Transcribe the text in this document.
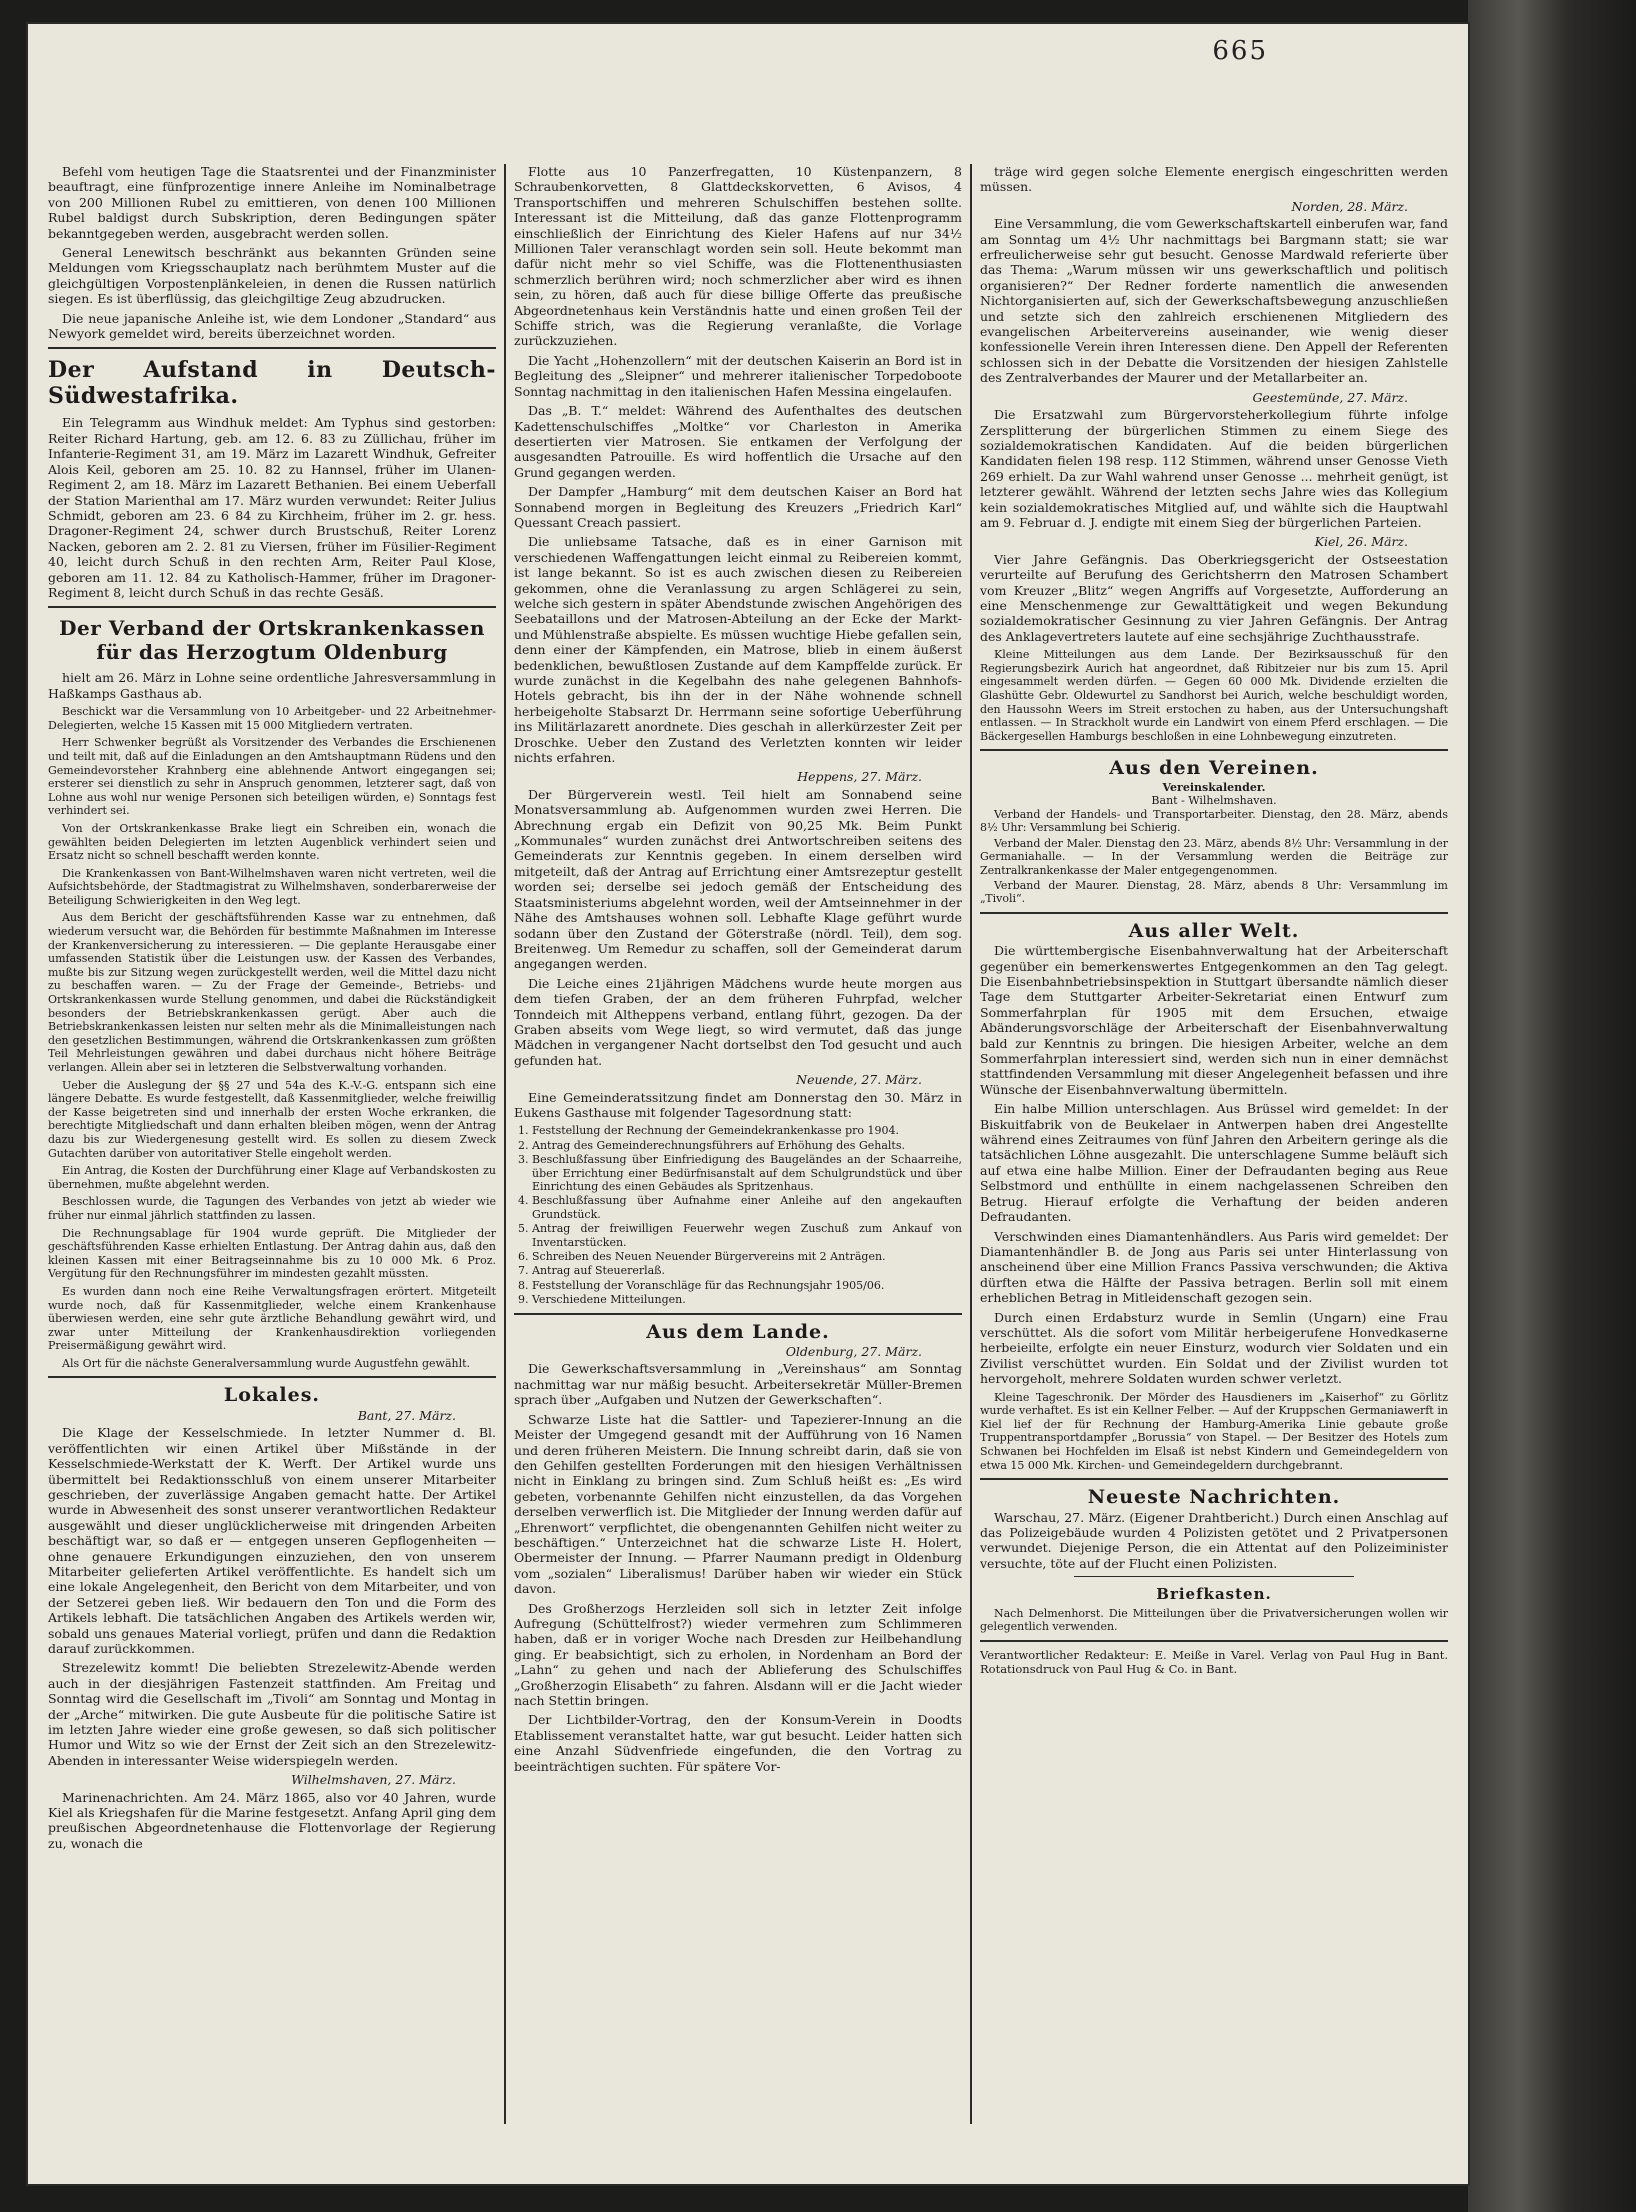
665

Befehl vom heutigen Tage die Staatsrentei und der Finanzminister beauftragt, eine fünfprozentige innere Anleihe im Nominalbetrage von 200 Millionen Rubel zu emittieren, von denen 100 Millionen Rubel baldigst durch Subskription, deren Bedingungen später bekanntgegeben werden, ausgebracht werden sollen.

General Lenewitsch beschränkt aus bekannten Gründen seine Meldungen vom Kriegsschauplatz nach berühmtem Muster auf die gleichgültigen Vorpostenplänkeleien, in denen die Russen natürlich siegen. Es ist überflüssig, das gleichgiltige Zeug abzudrucken.

Die neue japanische Anleihe ist, wie dem Londoner „Standard“ aus Newyork gemeldet wird, bereits überzeichnet worden.

Der Aufstand in Deutsch-Südwestafrika.

Ein Telegramm aus Windhuk meldet: Am Typhus sind gestorben: Reiter Richard Hartung, geb. am 12. 6. 83 zu Züllichau, früher im Infanterie-Regiment 31, am 19. März im Lazarett Windhuk, Gefreiter Alois Keil, geboren am 25. 10. 82 zu Hannsel, früher im Ulanen-Regiment 2, am 18. März im Lazarett Bethanien. Bei einem Ueberfall der Station Marienthal am 17. März wurden verwundet: Reiter Julius Schmidt, geboren am 23. 6 84 zu Kirchheim, früher im 2. gr. hess. Dragoner-Regiment 24, schwer durch Brustschuß, Reiter Lorenz Nacken, geboren am 2. 2. 81 zu Viersen, früher im Füsilier-Regiment 40, leicht durch Schuß in den rechten Arm, Reiter Paul Klose, geboren am 11. 12. 84 zu Katholisch-Hammer, früher im Dragoner-Regiment 8, leicht durch Schuß in das rechte Gesäß.

Der Verband der Ortskrankenkassen für das Herzogtum Oldenburg

hielt am 26. März in Lohne seine ordentliche Jahresversammlung in Haßkamps Gasthaus ab.

Beschickt war die Versammlung von 10 Arbeitgeber- und 22 Arbeitnehmer-Delegierten, welche 15 Kassen mit 15 000 Mitgliedern vertraten.

Herr Schwenker begrüßt als Vorsitzender des Verbandes die Erschienenen und teilt mit, daß auf die Einladungen an den Amtshauptmann Rüdens und den Gemeindevorsteher Krahnberg eine ablehnende Antwort eingegangen sei; ersterer sei dienstlich zu sehr in Anspruch genommen, letzterer sagt, daß von Lohne aus wohl nur wenige Personen sich beteiligen würden, e) Sonntags fest verhindert sei.

Von der Ortskrankenkasse Brake liegt ein Schreiben ein, wonach die gewählten beiden Delegierten im letzten Augenblick verhindert seien und Ersatz nicht so schnell beschafft werden konnte.

Die Krankenkassen von Bant-Wilhelmshaven waren nicht vertreten, weil die Aufsichtsbehörde, der Stadtmagistrat zu Wilhelmshaven, sonderbarerweise der Beteiligung Schwierigkeiten in den Weg legt.

Aus dem Bericht der geschäftsführenden Kasse war zu entnehmen, daß wiederum versucht war, die Behörden für bestimmte Maßnahmen im Interesse der Krankenversicherung zu interessieren. — Die geplante Herausgabe einer umfassenden Statistik über die Leistungen usw. der Kassen des Verbandes, mußte bis zur Sitzung wegen zurückgestellt werden, weil die Mittel dazu nicht zu beschaffen waren. — Zu der Frage der Gemeinde-, Betriebs- und Ortskrankenkassen wurde Stellung genommen, und dabei die Rückständigkeit besonders der Betriebskrankenkassen gerügt. Aber auch die Betriebskrankenkassen leisten nur selten mehr als die Minimalleistungen nach den gesetzlichen Bestimmungen, während die Ortskrankenkassen zum größten Teil Mehrleistungen gewähren und dabei durchaus nicht höhere Beiträge verlangen. Allein aber sei in letzteren die Selbstverwaltung vorhanden.

Ueber die Auslegung der §§ 27 und 54a des K.-V.-G. entspann sich eine längere Debatte. Es wurde festgestellt, daß Kassenmitglieder, welche freiwillig der Kasse beigetreten sind und innerhalb der ersten Woche erkranken, die berechtigte Mitgliedschaft und dann erhalten bleiben mögen, wenn der Antrag dazu bis zur Wiedergenesung gestellt wird. Es sollen zu diesem Zweck Gutachten darüber von autoritativer Stelle eingeholt werden.

Ein Antrag, die Kosten der Durchführung einer Klage auf Verbandskosten zu übernehmen, mußte abgelehnt werden.

Beschlossen wurde, die Tagungen des Verbandes von jetzt ab wieder wie früher nur einmal jährlich stattfinden zu lassen.

Die Rechnungsablage für 1904 wurde geprüft. Die Mitglieder der geschäftsführenden Kasse erhielten Entlastung. Der Antrag dahin aus, daß den kleinen Kassen mit einer Beitragseinnahme bis zu 10 000 Mk. 6 Proz. Vergütung für den Rechnungsführer im mindesten gezahlt müssten.

Es wurden dann noch eine Reihe Verwaltungsfragen erörtert. Mitgeteilt wurde noch, daß für Kassenmitglieder, welche einem Krankenhause überwiesen werden, eine sehr gute ärztliche Behandlung gewährt wird, und zwar unter Mitteilung der Krankenhausdirektion vorliegenden Preisermäßigung gewährt wird.

Als Ort für die nächste Generalversammlung wurde Augustfehn gewählt.

Lokales.
Bant, 27. März.

Die Klage der Kesselschmiede. In letzter Nummer d. Bl. veröffentlichten wir einen Artikel über Mißstände in der Kesselschmiede-Werkstatt der K. Werft. Der Artikel wurde uns übermittelt bei Redaktionsschluß von einem unserer Mitarbeiter geschrieben, der zuverlässige Angaben gemacht hatte. Der Artikel wurde in Abwesenheit des sonst unserer verantwortlichen Redakteur ausgewählt und dieser unglücklicherweise mit dringenden Arbeiten beschäftigt war, so daß er — entgegen unseren Gepflogenheiten — ohne genauere Erkundigungen einzuziehen, den von unserem Mitarbeiter gelieferten Artikel veröffentlichte. Es handelt sich um eine lokale Angelegenheit, den Bericht von dem Mitarbeiter, und von der Setzerei geben ließ. Wir bedauern den Ton und die Form des Artikels lebhaft. Die tatsächlichen Angaben des Artikels werden wir, sobald uns genaues Material vorliegt, prüfen und dann die Redaktion darauf zurückkommen.

Strezelewitz kommt! Die beliebten Strezelewitz-Abende werden auch in der diesjährigen Fastenzeit stattfinden. Am Freitag und Sonntag wird die Gesellschaft im „Tivoli“ am Sonntag und Montag in der „Arche“ mitwirken. Die gute Ausbeute für die politische Satire ist im letzten Jahre wieder eine große gewesen, so daß sich politischer Humor und Witz so wie der Ernst der Zeit sich an den Strezelewitz-Abenden in interessanter Weise widerspiegeln werden.

Wilhelmshaven, 27. März.

Marinenachrichten. Am 24. März 1865, also vor 40 Jahren, wurde Kiel als Kriegshafen für die Marine festgesetzt. Anfang April ging dem preußischen Abgeordnetenhause die Flottenvorlage der Regierung zu, wonach die

Flotte aus 10 Panzerfregatten, 10 Küstenpanzern, 8 Schraubenkorvetten, 8 Glattdeckskorvetten, 6 Avisos, 4 Transportschiffen und mehreren Schulschiffen bestehen sollte. Interessant ist die Mitteilung, daß das ganze Flottenprogramm einschließlich der Einrichtung des Kieler Hafens auf nur 34½ Millionen Taler veranschlagt worden sein soll. Heute bekommt man dafür nicht mehr so viel Schiffe, was die Flottenenthusiasten schmerzlich berühren wird; noch schmerzlicher aber wird es ihnen sein, zu hören, daß auch für diese billige Offerte das preußische Abgeordnetenhaus kein Verständnis hatte und einen großen Teil der Schiffe strich, was die Regierung veranlaßte, die Vorlage zurückzuziehen.

Die Yacht „Hohenzollern“ mit der deutschen Kaiserin an Bord ist in Begleitung des „Sleipner“ und mehrerer italienischer Torpedoboote Sonntag nachmittag in den italienischen Hafen Messina eingelaufen.

Das „B. T.“ meldet: Während des Aufenthaltes des deutschen Kadettenschulschiffes „Moltke“ vor Charleston in Amerika desertierten vier Matrosen. Sie entkamen der Verfolgung der ausgesandten Patrouille. Es wird hoffentlich die Ursache auf den Grund gegangen werden.

Der Dampfer „Hamburg“ mit dem deutschen Kaiser an Bord hat Sonnabend morgen in Begleitung des Kreuzers „Friedrich Karl“ Quessant Creach passiert.

Die unliebsame Tatsache, daß es in einer Garnison mit verschiedenen Waffengattungen leicht einmal zu Reibereien kommt, ist lange bekannt. So ist es auch zwischen diesen zu Reibereien gekommen, ohne die Veranlassung zu argen Schlägerei zu sein, welche sich gestern in später Abendstunde zwischen Angehörigen des Seebataillons und der Matrosen-Abteilung an der Ecke der Markt- und Mühlenstraße abspielte. Es müssen wuchtige Hiebe gefallen sein, denn einer der Kämpfenden, ein Matrose, blieb in einem äußerst bedenklichen, bewußtlosen Zustande auf dem Kampffelde zurück. Er wurde zunächst in die Kegelbahn des nahe gelegenen Bahnhofs-Hotels gebracht, bis ihn der in der Nähe wohnende schnell herbeigeholte Stabsarzt Dr. Herrmann seine sofortige Ueberführung ins Militärlazarett anordnete. Dies geschah in allerkürzester Zeit per Droschke. Ueber den Zustand des Verletzten konnten wir leider nichts erfahren.

Heppens, 27. März.

Der Bürgerverein westl. Teil hielt am Sonnabend seine Monatsversammlung ab. Aufgenommen wurden zwei Herren. Die Abrechnung ergab ein Defizit von 90,25 Mk. Beim Punkt „Kommunales“ wurden zunächst drei Antwortschreiben seitens des Gemeinderats zur Kenntnis gegeben. In einem derselben wird mitgeteilt, daß der Antrag auf Errichtung einer Amtsrezeptur gestellt worden sei; derselbe sei jedoch gemäß der Entscheidung des Staatsministeriums abgelehnt worden, weil der Amtseinnehmer in der Nähe des Amtshauses wohnen soll. Lebhafte Klage geführt wurde sodann über den Zustand der Göterstraße (nördl. Teil), dem sog. Breitenweg. Um Remedur zu schaffen, soll der Gemeinderat darum angegangen werden.

Die Leiche eines 21jährigen Mädchens wurde heute morgen aus dem tiefen Graben, der an dem früheren Fuhrpfad, welcher Tonndeich mit Altheppens verband, entlang führt, gezogen. Da der Graben abseits vom Wege liegt, so wird vermutet, daß das junge Mädchen in vergangener Nacht dortselbst den Tod gesucht und auch gefunden hat.

Neuende, 27. März.

Eine Gemeinderatssitzung findet am Donnerstag den 30. März in Eukens Gasthause mit folgender Tagesordnung statt:

1. Feststellung der Rechnung der Gemeindekrankenkasse pro 1904.
2. Antrag des Gemeinderechnungsführers auf Erhöhung des Gehalts.
3. Beschlußfassung über Einfriedigung des Baugeländes an der Schaarreihe, über Errichtung einer Bedürfnisanstalt auf dem Schulgrundstück und über Einrichtung des einen Gebäudes als Spritzenhaus.
4. Beschlußfassung über Aufnahme einer Anleihe auf den angekauften Grundstück.
5. Antrag der freiwilligen Feuerwehr wegen Zuschuß zum Ankauf von Inventarstücken.
6. Schreiben des Neuen Neuender Bürgervereins mit 2 Anträgen.
7. Antrag auf Steuererlaß.
8. Feststellung der Voranschläge für das Rechnungsjahr 1905/06.
9. Verschiedene Mitteilungen.
Aus dem Lande.
Oldenburg, 27. März.

Die Gewerkschaftsversammlung in „Vereinshaus“ am Sonntag nachmittag war nur mäßig besucht. Arbeitersekretär Müller-Bremen sprach über „Aufgaben und Nutzen der Gewerkschaften“.

Schwarze Liste hat die Sattler- und Tapezierer-Innung an die Meister der Umgegend gesandt mit der Aufführung von 16 Namen und deren früheren Meistern. Die Innung schreibt darin, daß sie von den Gehilfen gestellten Forderungen mit den hiesigen Verhältnissen nicht in Einklang zu bringen sind. Zum Schluß heißt es: „Es wird gebeten, vorbenannte Gehilfen nicht einzustellen, da das Vorgehen derselben verwerflich ist. Die Mitglieder der Innung werden dafür auf „Ehrenwort“ verpflichtet, die obengenannten Gehilfen nicht weiter zu beschäftigen.“ Unterzeichnet hat die schwarze Liste H. Holert, Obermeister der Innung. — Pfarrer Naumann predigt in Oldenburg vom „sozialen“ Liberalismus! Darüber haben wir wieder ein Stück davon.

Des Großherzogs Herzleiden soll sich in letzter Zeit infolge Aufregung (Schüttelfrost?) wieder vermehren zum Schlimmeren haben, daß er in voriger Woche nach Dresden zur Heilbehandlung ging. Er beabsichtigt, sich zu erholen, in Nordenham an Bord der „Lahn“ zu gehen und nach der Ablieferung des Schulschiffes „Großherzogin Elisabeth“ zu fahren. Alsdann will er die Jacht wieder nach Stettin bringen.

Der Lichtbilder-Vortrag, den der Konsum-Verein in Doodts Etablissement veranstaltet hatte, war gut besucht. Leider hatten sich eine Anzahl Südvenfriede eingefunden, die den Vortrag zu beeinträchtigen suchten. Für spätere Vor-

träge wird gegen solche Elemente energisch eingeschritten werden müssen.

Norden, 28. März.

Eine Versammlung, die vom Gewerkschaftskartell einberufen war, fand am Sonntag um 4½ Uhr nachmittags bei Bargmann statt; sie war erfreulicherweise sehr gut besucht. Genosse Mardwald referierte über das Thema: „Warum müssen wir uns gewerkschaftlich und politisch organisieren?“ Der Redner forderte namentlich die anwesenden Nichtorganisierten auf, sich der Gewerkschaftsbewegung anzuschließen und setzte sich den zahlreich erschienenen Mitgliedern des evangelischen Arbeitervereins auseinander, wie wenig dieser konfessionelle Verein ihren Interessen diene. Den Appell der Referenten schlossen sich in der Debatte die Vorsitzenden der hiesigen Zahlstelle des Zentralverbandes der Maurer und der Metallarbeiter an.

Geestemünde, 27. März.

Die Ersatzwahl zum Bürgervorsteherkollegium führte infolge Zersplitterung der bürgerlichen Stimmen zu einem Siege des sozialdemokratischen Kandidaten. Auf die beiden bürgerlichen Kandidaten fielen 198 resp. 112 Stimmen, während unser Genosse Vieth 269 erhielt. Da zur Wahl wahrend unser Genosse ... mehrheit genügt, ist letzterer gewählt. Während der letzten sechs Jahre wies das Kollegium kein sozialdemokratisches Mitglied auf, und wählte sich die Hauptwahl am 9. Februar d. J. endigte mit einem Sieg der bürgerlichen Parteien.

Kiel, 26. März.

Vier Jahre Gefängnis. Das Oberkriegsgericht der Ostseestation verurteilte auf Berufung des Gerichtsherrn den Matrosen Schambert vom Kreuzer „Blitz“ wegen Angriffs auf Vorgesetzte, Aufforderung an eine Menschenmenge zur Gewalttätigkeit und wegen Bekundung sozialdemokratischer Gesinnung zu vier Jahren Gefängnis. Der Antrag des Anklagevertreters lautete auf eine sechsjährige Zuchthausstrafe.

Kleine Mitteilungen aus dem Lande. Der Bezirksausschuß für den Regierungsbezirk Aurich hat angeordnet, daß Ribitzeier nur bis zum 15. April eingesammelt werden dürfen. — Gegen 60 000 Mk. Dividende erzielten die Glashütte Gebr. Oldewurtel zu Sandhorst bei Aurich, welche beschuldigt worden, den Haussohn Weers im Streit erstochen zu haben, aus der Untersuchungshaft entlassen. — In Strackholt wurde ein Landwirt von einem Pferd erschlagen. — Die Bäckergesellen Hamburgs beschloßen in eine Lohnbewegung einzutreten.

Aus den Vereinen.
Vereinskalender.
Bant - Wilhelmshaven.

Verband der Handels- und Transportarbeiter. Dienstag, den 28. März, abends 8½ Uhr: Versammlung bei Schierig.

Verband der Maler. Dienstag den 23. März, abends 8½ Uhr: Versammlung in der Germaniahalle. — In der Versammlung werden die Beiträge zur Zentralkrankenkasse der Maler entgegengenommen.

Verband der Maurer. Dienstag, 28. März, abends 8 Uhr: Versammlung im „Tivoli“.

Aus aller Welt.

Die württembergische Eisenbahnverwaltung hat der Arbeiterschaft gegenüber ein bemerkenswertes Entgegenkommen an den Tag gelegt. Die Eisenbahnbetriebsinspektion in Stuttgart übersandte nämlich dieser Tage dem Stuttgarter Arbeiter-Sekretariat einen Entwurf zum Sommerfahrplan für 1905 mit dem Ersuchen, etwaige Abänderungsvorschläge der Arbeiterschaft der Eisenbahnverwaltung bald zur Kenntnis zu bringen. Die hiesigen Arbeiter, welche an dem Sommerfahrplan interessiert sind, werden sich nun in einer demnächst stattfindenden Versammlung mit dieser Angelegenheit befassen und ihre Wünsche der Eisenbahnverwaltung übermitteln.

Ein halbe Million unterschlagen. Aus Brüssel wird gemeldet: In der Biskuitfabrik von de Beukelaer in Antwerpen haben drei Angestellte während eines Zeitraumes von fünf Jahren den Arbeitern geringe als die tatsächlichen Löhne ausgezahlt. Die unterschlagene Summe beläuft sich auf etwa eine halbe Million. Einer der Defraudanten beging aus Reue Selbstmord und enthüllte in einem nachgelassenen Schreiben den Betrug. Hierauf erfolgte die Verhaftung der beiden anderen Defraudanten.

Verschwinden eines Diamantenhändlers. Aus Paris wird gemeldet: Der Diamantenhändler B. de Jong aus Paris sei unter Hinterlassung von anscheinend über eine Million Francs Passiva verschwunden; die Aktiva dürften etwa die Hälfte der Passiva betragen. Berlin soll mit einem erheblichen Betrag in Mitleidenschaft gezogen sein.

Durch einen Erdabsturz wurde in Semlin (Ungarn) eine Frau verschüttet. Als die sofort vom Militär herbeigerufene Honvedkaserne herbeieilte, erfolgte ein neuer Einsturz, wodurch vier Soldaten und ein Zivilist verschüttet wurden. Ein Soldat und der Zivilist wurden tot hervorgeholt, mehrere Soldaten wurden schwer verletzt.

Kleine Tageschronik. Der Mörder des Hausdieners im „Kaiserhof“ zu Görlitz wurde verhaftet. Es ist ein Kellner Felber. — Auf der Kruppschen Germaniawerft in Kiel lief der für Rechnung der Hamburg-Amerika Linie gebaute große Truppentransportdampfer „Borussia“ von Stapel. — Der Besitzer des Hotels zum Schwanen bei Hochfelden im Elsaß ist nebst Kindern und Gemeindegeldern von etwa 15 000 Mk. Kirchen- und Gemeindegeldern durchgebrannt.

Neueste Nachrichten.

Warschau, 27. März. (Eigener Drahtbericht.) Durch einen Anschlag auf das Polizeigebäude wurden 4 Polizisten getötet und 2 Privatpersonen verwundet. Diejenige Person, die ein Attentat auf den Polizeiminister versuchte, töte auf der Flucht einen Polizisten.

Briefkasten.

Nach Delmenhorst. Die Mitteilungen über die Privatversicherungen wollen wir gelegentlich verwenden.

Verantwortlicher Redakteur: E. Meiße in Varel. Verlag von Paul Hug in Bant. Rotationsdruck von Paul Hug & Co. in Bant.
